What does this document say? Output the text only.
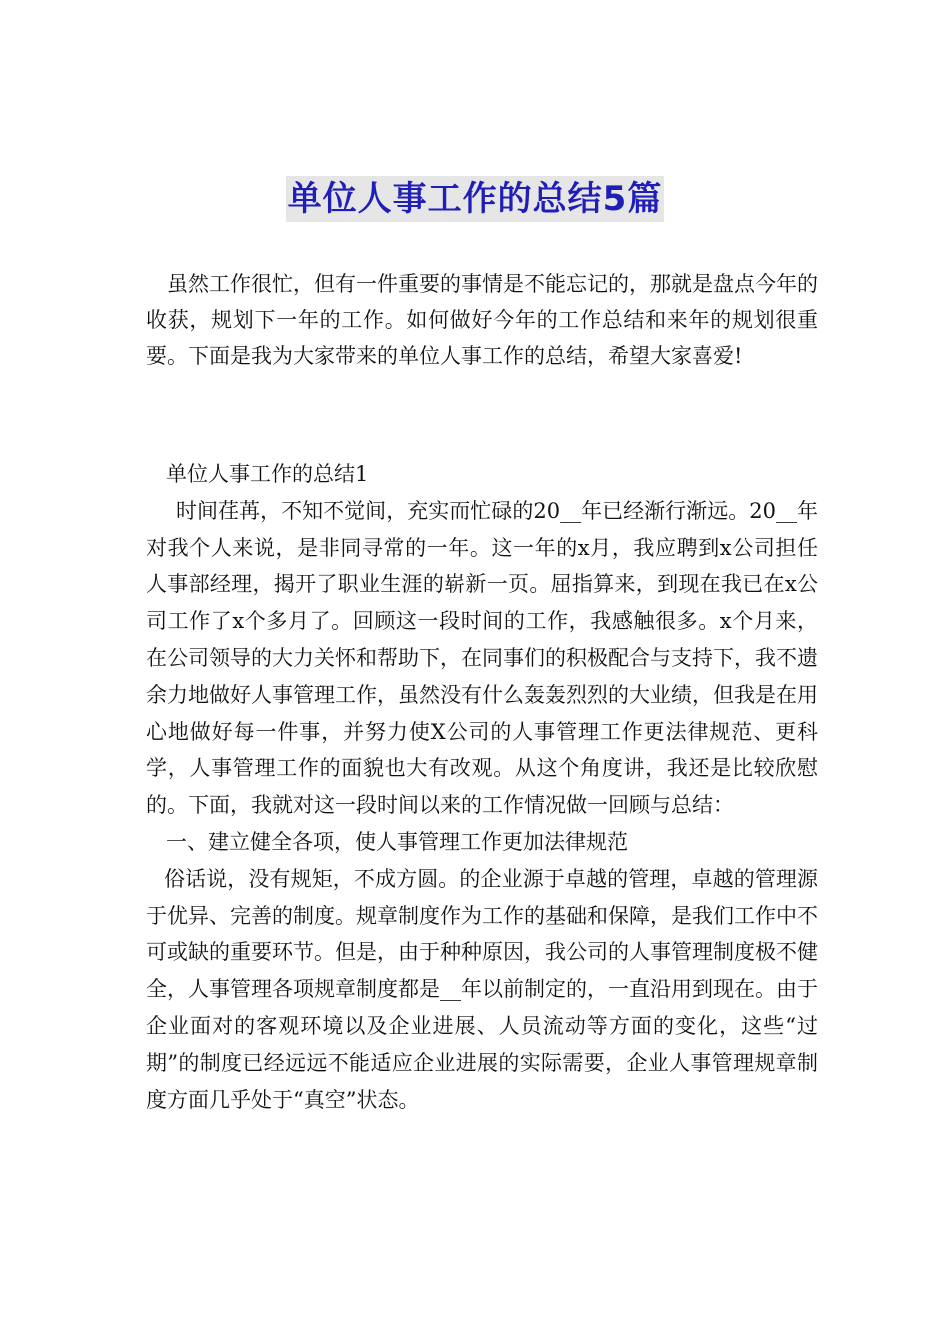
单位人事工作的总结5篇

虽然工作很忙，但有一件重要的事情是不能忘记的，那就是盘点今年的收获，规划下一年的工作。如何做好今年的工作总结和来年的规划很重要。下面是我为大家带来的单位人事工作的总结，希望大家喜爱!

单位人事工作的总结1

时间荏苒，不知不觉间，充实而忙碌的20__年已经渐行渐远。20__年对我个人来说，是非同寻常的一年。这一年的x月，我应聘到x公司担任人事部经理，揭开了职业生涯的崭新一页。屈指算来，到现在我已在x公司工作了x个多月了。回顾这一段时间的工作，我感触很多。x个月来，在公司领导的大力关怀和帮助下，在同事们的积极配合与支持下，我不遗余力地做好人事管理工作，虽然没有什么轰轰烈烈的大业绩，但我是在用心地做好每一件事，并努力使X公司的人事管理工作更法律规范、更科学，人事管理工作的面貌也大有改观。从这个角度讲，我还是比较欣慰的。下面，我就对这一段时间以来的工作情况做一回顾与总结：

一、建立健全各项，使人事管理工作更加法律规范

俗话说，没有规矩，不成方圆。的企业源于卓越的管理，卓越的管理源于优异、完善的制度。规章制度作为工作的基础和保障，是我们工作中不可或缺的重要环节。但是，由于种种原因，我公司的人事管理制度极不健全，人事管理各项规章制度都是__年以前制定的，一直沿用到现在。由于企业面对的客观环境以及企业进展、人员流动等方面的变化，这些“过期”的制度已经远远不能适应企业进展的实际需要，企业人事管理规章制度方面几乎处于“真空”状态。
